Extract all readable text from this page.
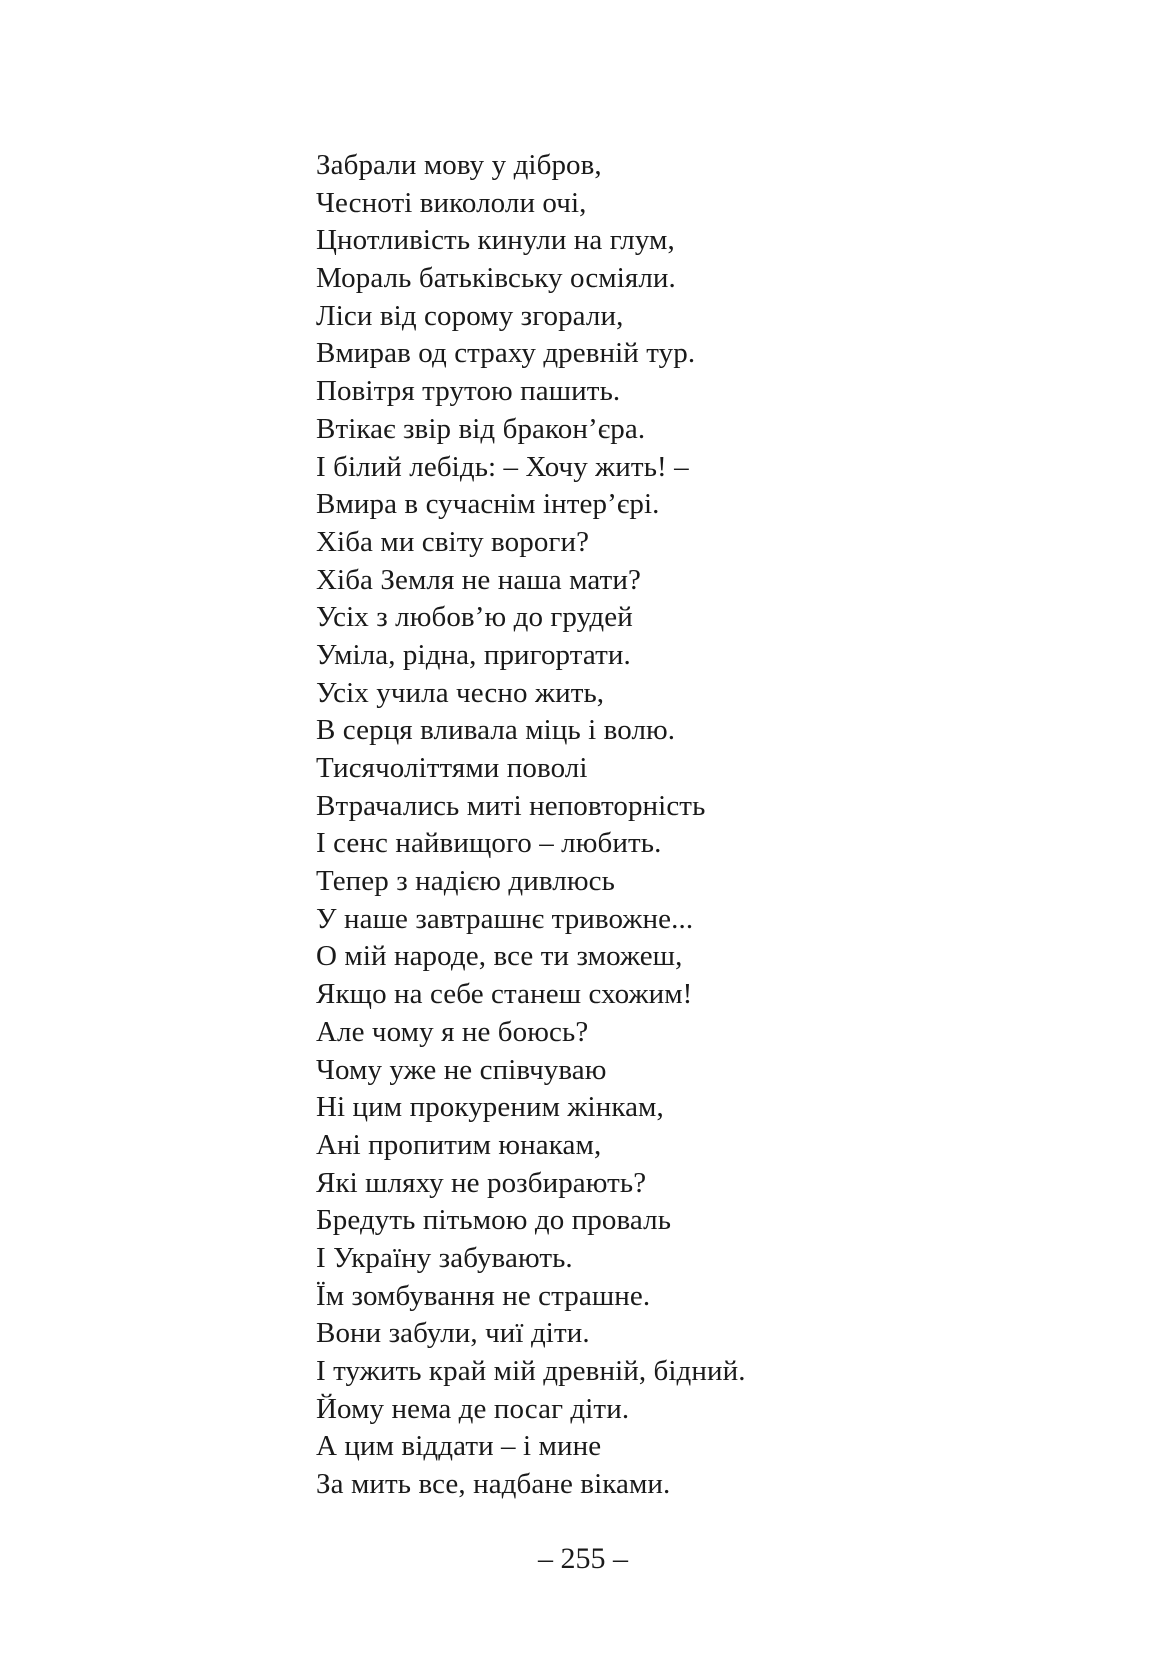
Забрали мову у дібров,
Чесноті викололи очі,
Цнотливість кинули на глум,
Мораль батьківську осміяли.
Ліси від сорому згорали,
Вмирав од страху древній тур.
Повітря трутою пашить.
Втікає звір від бракон’єра.
І білий лебідь: – Хочу жить! –
Вмира в сучаснім інтер’єрі.
Хіба ми світу вороги?
Хіба Земля не наша мати?
Усіх з любов’ю до грудей
Уміла, рідна, пригортати.
Усіх учила чесно жить,
В серця вливала міць і волю.
Тисячоліттями поволі
Втрачались миті неповторність
І сенс найвищого – любить.
Тепер з надією дивлюсь
У наше завтрашнє тривожне...
О мій народе, все ти зможеш,
Якщо на себе станеш схожим!
Але чому я не боюсь?
Чому уже не співчуваю
Ні цим прокуреним жінкам,
Ані пропитим юнакам,
Які шляху не розбирають?
Бредуть пітьмою до проваль
І Україну забувають.
Їм зомбування не страшне.
Вони забули, чиї діти.
І тужить край мій древній, бідний.
Йому нема де посаг діти.
А цим віддати – і мине
За мить все, надбане віками.
– 255 –
